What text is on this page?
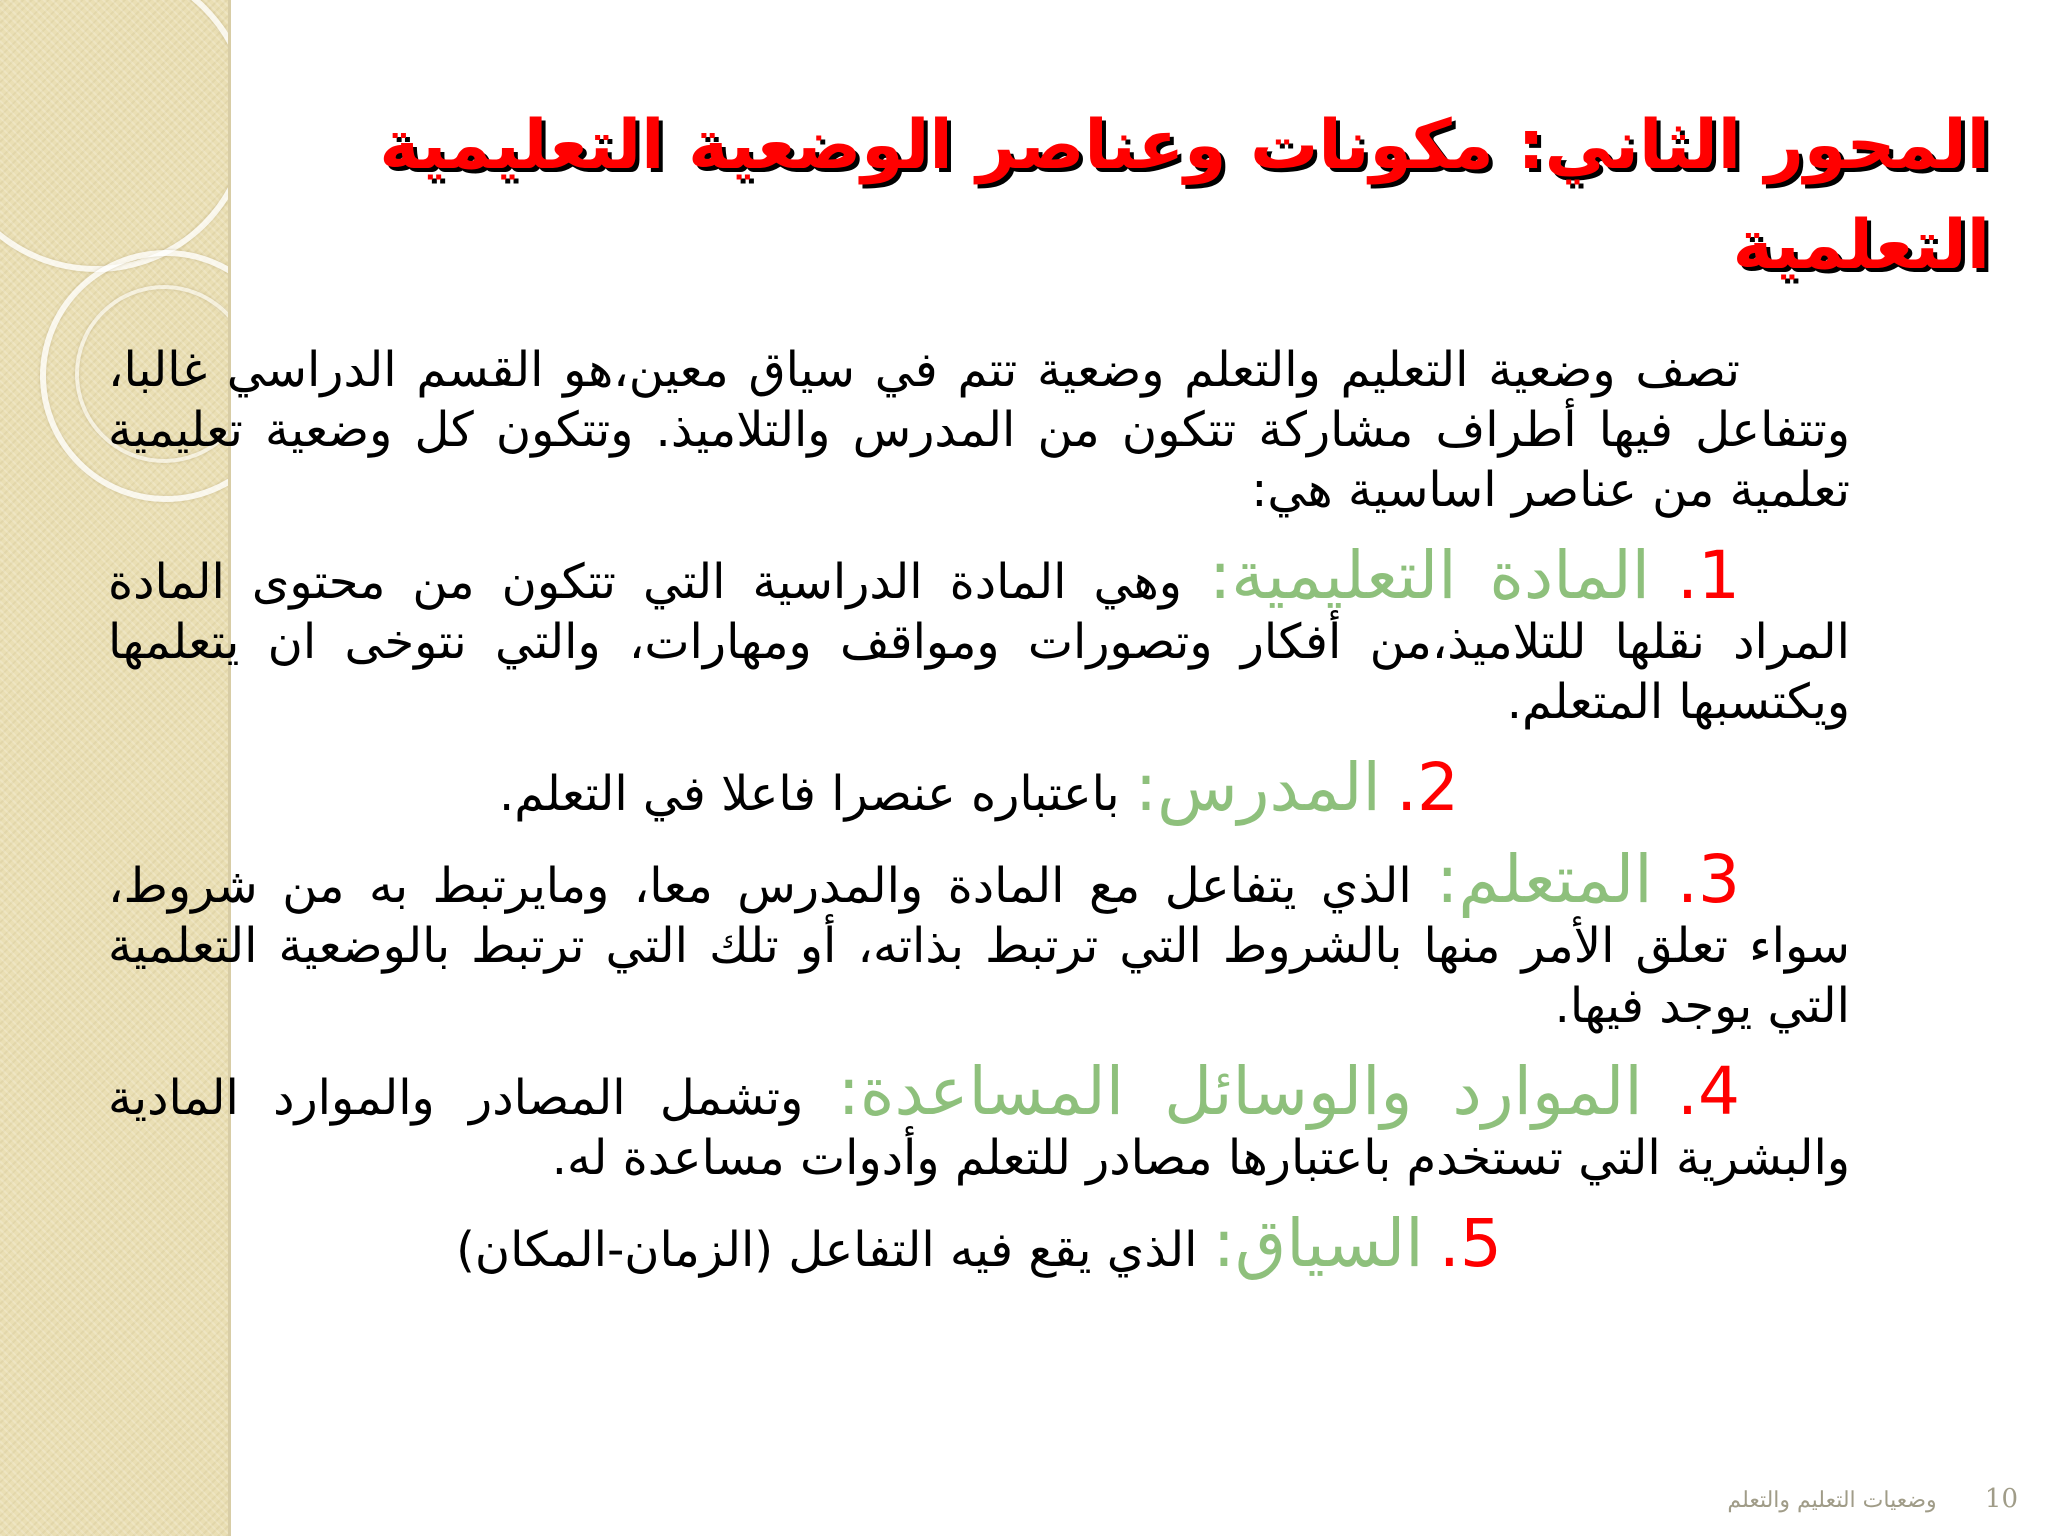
المحور الثاني: مكونات وعناصر الوضعية التعليمية التعلمية

تصف وضعية التعليم والتعلم وضعية تتم في سياق معين،هو القسم الدراسي غالبا، وتتفاعل فيها أطراف مشاركة تتكون من المدرس والتلاميذ. وتتكون كل وضعية تعليمية تعلمية من عناصر اساسية هي:

1. المادة التعليمية: وهي المادة الدراسية التي تتكون من محتوى المادة المراد نقلها للتلاميذ،من أفكار وتصورات ومواقف ومهارات، والتي نتوخى ان يتعلمها ويكتسبها المتعلم.

2. المدرس: باعتباره عنصرا فاعلا في التعلم.

3. المتعلم: الذي يتفاعل مع المادة والمدرس معا، ومايرتبط به من شروط، سواء تعلق الأمر منها بالشروط التي ترتبط بذاته، أو تلك التي ترتبط بالوضعية التعلمية التي يوجد فيها.

4. الموارد والوسائل المساعدة: وتشمل المصادر والموارد المادية والبشرية التي تستخدم باعتبارها مصادر للتعلم وأدوات مساعدة له.

5. السياق: الذي يقع فيه التفاعل (الزمان-المكان)

10 وضعيات التعليم والتعلم
